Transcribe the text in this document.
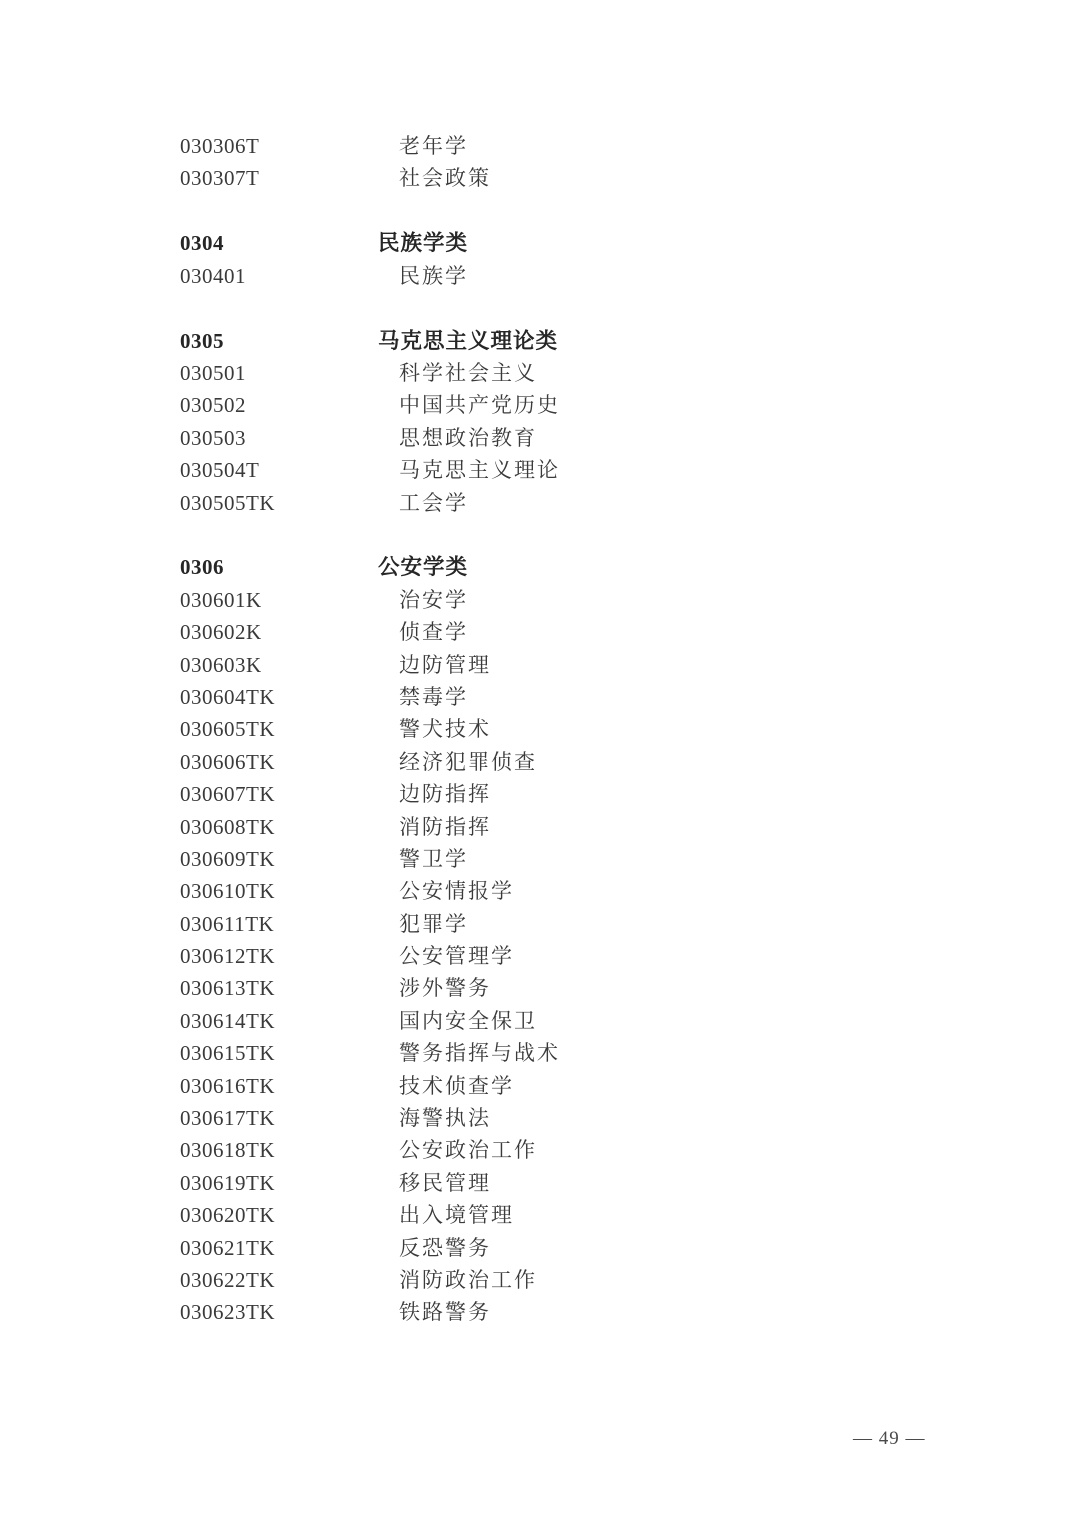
030306T	老年学
030307T	社会政策
0304	民族学类
030401	民族学
0305	马克思主义理论类
030501	科学社会主义
030502	中国共产党历史
030503	思想政治教育
030504T	马克思主义理论
030505TK	工会学
0306	公安学类
030601K	治安学
030602K	侦查学
030603K	边防管理
030604TK	禁毒学
030605TK	警犬技术
030606TK	经济犯罪侦查
030607TK	边防指挥
030608TK	消防指挥
030609TK	警卫学
030610TK	公安情报学
030611TK	犯罪学
030612TK	公安管理学
030613TK	涉外警务
030614TK	国内安全保卫
030615TK	警务指挥与战术
030616TK	技术侦查学
030617TK	海警执法
030618TK	公安政治工作
030619TK	移民管理
030620TK	出入境管理
030621TK	反恐警务
030622TK	消防政治工作
030623TK	铁路警务

— 49 —
